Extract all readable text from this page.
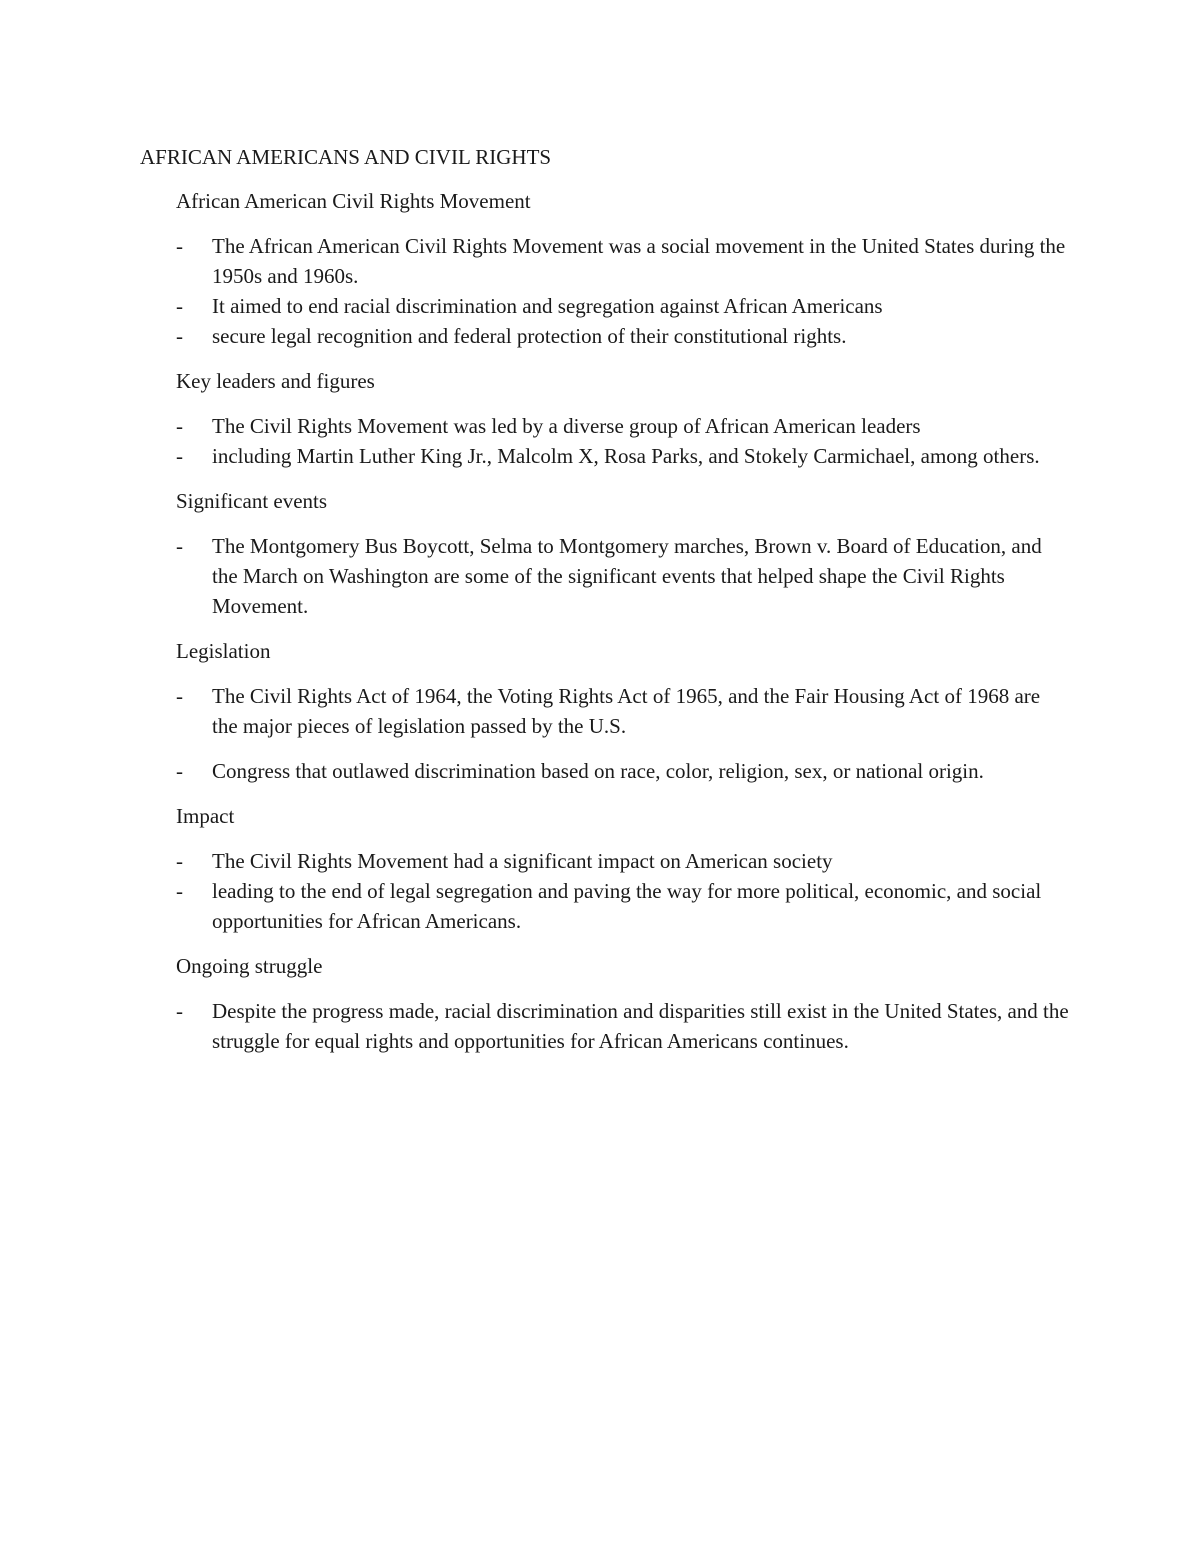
AFRICAN AMERICANS AND CIVIL RIGHTS
African American Civil Rights Movement
-	The African American Civil Rights Movement was a social movement in the United States during the 1950s and 1960s.
-	It aimed to end racial discrimination and segregation against African Americans
-	secure legal recognition and federal protection of their constitutional rights.
Key leaders and figures
-	The Civil Rights Movement was led by a diverse group of African American leaders
-	including Martin Luther King Jr., Malcolm X, Rosa Parks, and Stokely Carmichael, among others.
Significant events
-	The Montgomery Bus Boycott, Selma to Montgomery marches, Brown v. Board of Education, and the March on Washington are some of the significant events that helped shape the Civil Rights Movement.
Legislation
-	The Civil Rights Act of 1964, the Voting Rights Act of 1965, and the Fair Housing Act of 1968 are the major pieces of legislation passed by the U.S.
-	Congress that outlawed discrimination based on race, color, religion, sex, or national origin.
Impact
-	The Civil Rights Movement had a significant impact on American society
-	leading to the end of legal segregation and paving the way for more political, economic, and social opportunities for African Americans.
Ongoing struggle
-	Despite the progress made, racial discrimination and disparities still exist in the United States, and the struggle for equal rights and opportunities for African Americans continues.
